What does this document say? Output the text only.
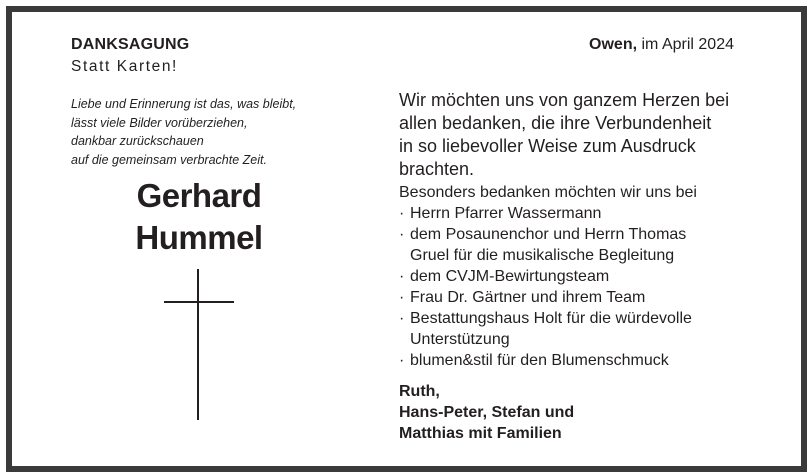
DANKSAGUNG
Statt Karten!
Owen, im April 2024
Liebe und Erinnerung ist das, was bleibt,
lässt viele Bilder vorüberziehen,
dankbar zurückschauen
auf die gemeinsam verbrachte Zeit.
Gerhard
Hummel
Wir möchten uns von ganzem Herzen bei
allen bedanken, die ihre Verbundenheit
in so liebevoller Weise zum Ausdruck
brachten.
Besonders bedanken möchten wir uns bei
· Herrn Pfarrer Wassermann
· dem Posaunenchor und Herrn Thomas
Gruel für die musikalische Begleitung
· dem CVJM-Bewirtungsteam
· Frau Dr. Gärtner und ihrem Team
· Bestattungshaus Holt für die würdevolle
Unterstützung
· blumen&stil für den Blumenschmuck
Ruth,
Hans-Peter, Stefan und
Matthias mit Familien
